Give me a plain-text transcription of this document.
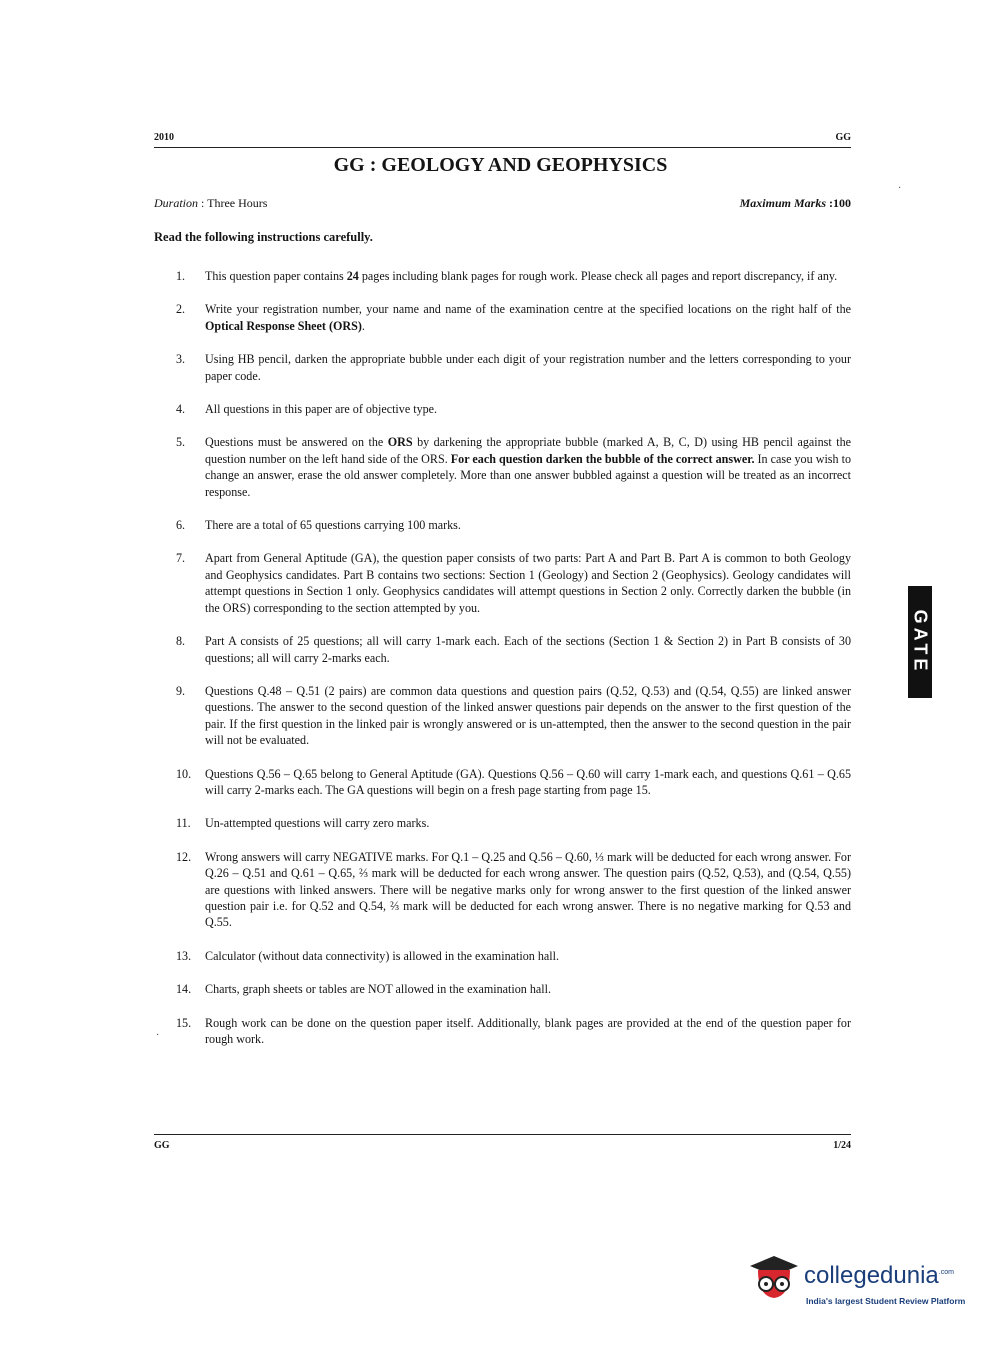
2010	GG
GG : GEOLOGY AND GEOPHYSICS
Duration : Three Hours	Maximum Marks :100
Read the following instructions carefully.
1.	This question paper contains 24 pages including blank pages for rough work. Please check all pages and report discrepancy, if any.
2.	Write your registration number, your name and name of the examination centre at the specified locations on the right half of the Optical Response Sheet (ORS).
3.	Using HB pencil, darken the appropriate bubble under each digit of your registration number and the letters corresponding to your paper code.
4.	All questions in this paper are of objective type.
5.	Questions must be answered on the ORS by darkening the appropriate bubble (marked A, B, C, D) using HB pencil against the question number on the left hand side of the ORS. For each question darken the bubble of the correct answer. In case you wish to change an answer, erase the old answer completely. More than one answer bubbled against a question will be treated as an incorrect response.
6.	There are a total of 65 questions carrying 100 marks.
7.	Apart from General Aptitude (GA), the question paper consists of two parts: Part A and Part B. Part A is common to both Geology and Geophysics candidates. Part B contains two sections: Section 1 (Geology) and Section 2 (Geophysics). Geology candidates will attempt questions in Section 1 only. Geophysics candidates will attempt questions in Section 2 only. Correctly darken the bubble (in the ORS) corresponding to the section attempted by you.
8.	Part A consists of 25 questions; all will carry 1-mark each. Each of the sections (Section 1 & Section 2) in Part B consists of 30 questions; all will carry 2-marks each.
9.	Questions Q.48 – Q.51 (2 pairs) are common data questions and question pairs (Q.52, Q.53) and (Q.54, Q.55) are linked answer questions. The answer to the second question of the linked answer questions pair depends on the answer to the first question of the pair. If the first question in the linked pair is wrongly answered or is un-attempted, then the answer to the second question in the pair will not be evaluated.
10.	Questions Q.56 – Q.65 belong to General Aptitude (GA). Questions Q.56 – Q.60 will carry 1-mark each, and questions Q.61 – Q.65 will carry 2-marks each. The GA questions will begin on a fresh page starting from page 15.
11.	Un-attempted questions will carry zero marks.
12.	Wrong answers will carry NEGATIVE marks. For Q.1 – Q.25 and Q.56 – Q.60, ⅓ mark will be deducted for each wrong answer. For Q.26 – Q.51 and Q.61 – Q.65, ⅔ mark will be deducted for each wrong answer. The question pairs (Q.52, Q.53), and (Q.54, Q.55) are questions with linked answers. There will be negative marks only for wrong answer to the first question of the linked answer question pair i.e. for Q.52 and Q.54, ⅔ mark will be deducted for each wrong answer. There is no negative marking for Q.53 and Q.55.
13.	Calculator (without data connectivity) is allowed in the examination hall.
14.	Charts, graph sheets or tables are NOT allowed in the examination hall.
15.	Rough work can be done on the question paper itself. Additionally, blank pages are provided at the end of the question paper for rough work.
GG	1/24
GATE
·
·
collegedunia$^{.com}$
India's largest Student Review Platform
